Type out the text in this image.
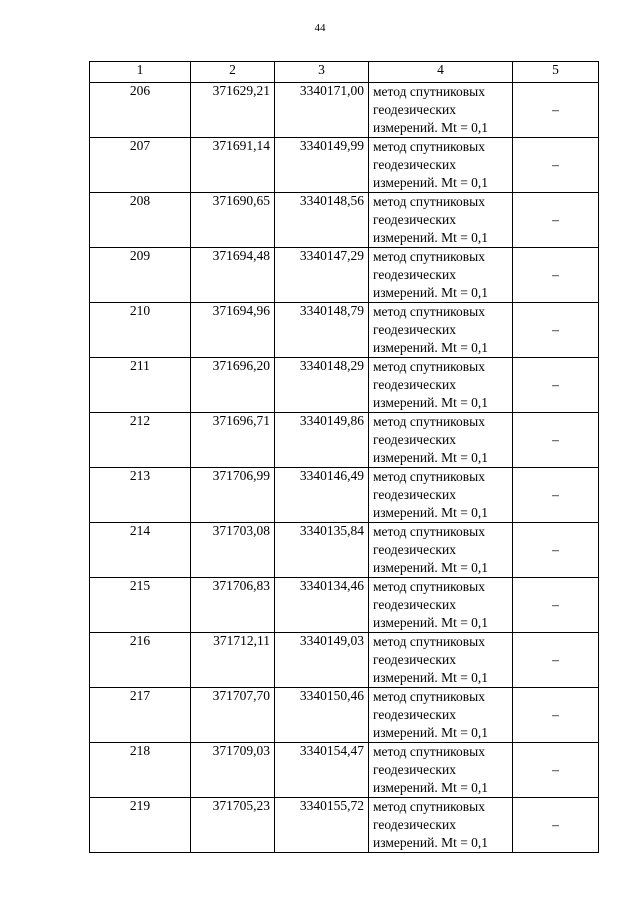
44
1	2	3	4	5
206	371629,21	3340171,00	метод спутниковых
геодезических
измерений. Mt = 0,1	–
207	371691,14	3340149,99	метод спутниковых
геодезических
измерений. Mt = 0,1	–
208	371690,65	3340148,56	метод спутниковых
геодезических
измерений. Mt = 0,1	–
209	371694,48	3340147,29	метод спутниковых
геодезических
измерений. Mt = 0,1	–
210	371694,96	3340148,79	метод спутниковых
геодезических
измерений. Mt = 0,1	–
211	371696,20	3340148,29	метод спутниковых
геодезических
измерений. Mt = 0,1	–
212	371696,71	3340149,86	метод спутниковых
геодезических
измерений. Mt = 0,1	–
213	371706,99	3340146,49	метод спутниковых
геодезических
измерений. Mt = 0,1	–
214	371703,08	3340135,84	метод спутниковых
геодезических
измерений. Mt = 0,1	–
215	371706,83	3340134,46	метод спутниковых
геодезических
измерений. Mt = 0,1	–
216	371712,11	3340149,03	метод спутниковых
геодезических
измерений. Mt = 0,1	–
217	371707,70	3340150,46	метод спутниковых
геодезических
измерений. Mt = 0,1	–
218	371709,03	3340154,47	метод спутниковых
геодезических
измерений. Mt = 0,1	–
219	371705,23	3340155,72	метод спутниковых
геодезических
измерений. Mt = 0,1	–
